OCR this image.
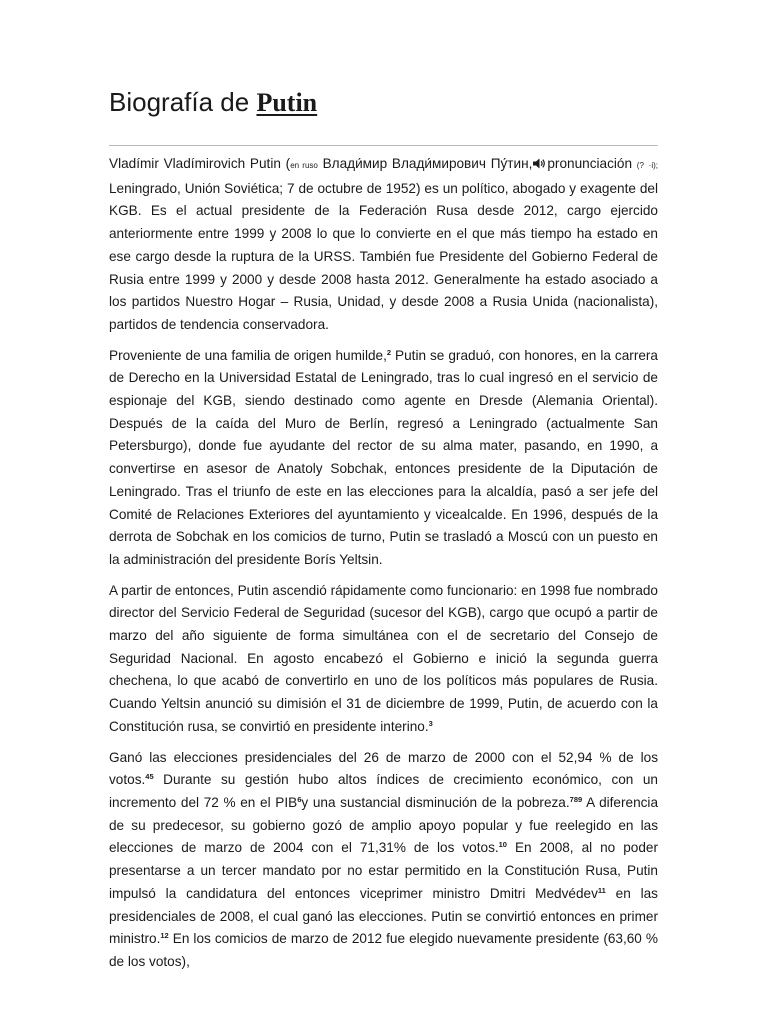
Biografía de Putin

Vladímir Vladímirovich Putin (en ruso Влади́мир Влади́мирович Пу́тин, pronunciación (? ·i); Leningrado, Unión Soviética; 7 de octubre de 1952) es un político, abogado y exagente del KGB. Es el actual presidente de la Federación Rusa desde 2012, cargo ejercido anteriormente entre 1999 y 2008 lo que lo convierte en el que más tiempo ha estado en ese cargo desde la ruptura de la URSS. También fue Presidente del Gobierno Federal de Rusia entre 1999 y 2000 y desde 2008 hasta 2012. Generalmente ha estado asociado a los partidos Nuestro Hogar – Rusia, Unidad, y desde 2008 a Rusia Unida (nacionalista), partidos de tendencia conservadora.

Proveniente de una familia de origen humilde,$^2$ Putin se graduó, con honores, en la carrera de Derecho en la Universidad Estatal de Leningrado, tras lo cual ingresó en el servicio de espionaje del KGB, siendo destinado como agente en Dresde (Alemania Oriental). Después de la caída del Muro de Berlín, regresó a Leningrado (actualmente San Petersburgo), donde fue ayudante del rector de su alma mater, pasando, en 1990, a convertirse en asesor de Anatoly Sobchak, entonces presidente de la Diputación de Leningrado. Tras el triunfo de este en las elecciones para la alcaldía, pasó a ser jefe del Comité de Relaciones Exteriores del ayuntamiento y vicealcalde. En 1996, después de la derrota de Sobchak en los comicios de turno, Putin se trasladó a Moscú con un puesto en la administración del presidente Borís Yeltsin.

A partir de entonces, Putin ascendió rápidamente como funcionario: en 1998 fue nombrado director del Servicio Federal de Seguridad (sucesor del KGB), cargo que ocupó a partir de marzo del año siguiente de forma simultánea con el de secretario del Consejo de Seguridad Nacional. En agosto encabezó el Gobierno e inició la segunda guerra chechena, lo que acabó de convertirlo en uno de los políticos más populares de Rusia. Cuando Yeltsin anunció su dimisión el 31 de diciembre de 1999, Putin, de acuerdo con la Constitución rusa, se convirtió en presidente interino.$^3$

Ganó las elecciones presidenciales del 26 de marzo de 2000 con el 52,94 % de los votos.$^{45}$ Durante su gestión hubo altos índices de crecimiento económico, con un incremento del 72 % en el PIB$^6$y una sustancial disminución de la pobreza.$^{789}$ A diferencia de su predecesor, su gobierno gozó de amplio apoyo popular y fue reelegido en las elecciones de marzo de 2004 con el 71,31% de los votos.$^{10}$ En 2008, al no poder presentarse a un tercer mandato por no estar permitido en la Constitución Rusa, Putin impulsó la candidatura del entonces viceprimer ministro Dmitri Medvédev$^{11}$ en las presidenciales de 2008, el cual ganó las elecciones. Putin se convirtió entonces en primer ministro.$^{12}$ En los comicios de marzo de 2012 fue elegido nuevamente presidente (63,60 % de los votos),
